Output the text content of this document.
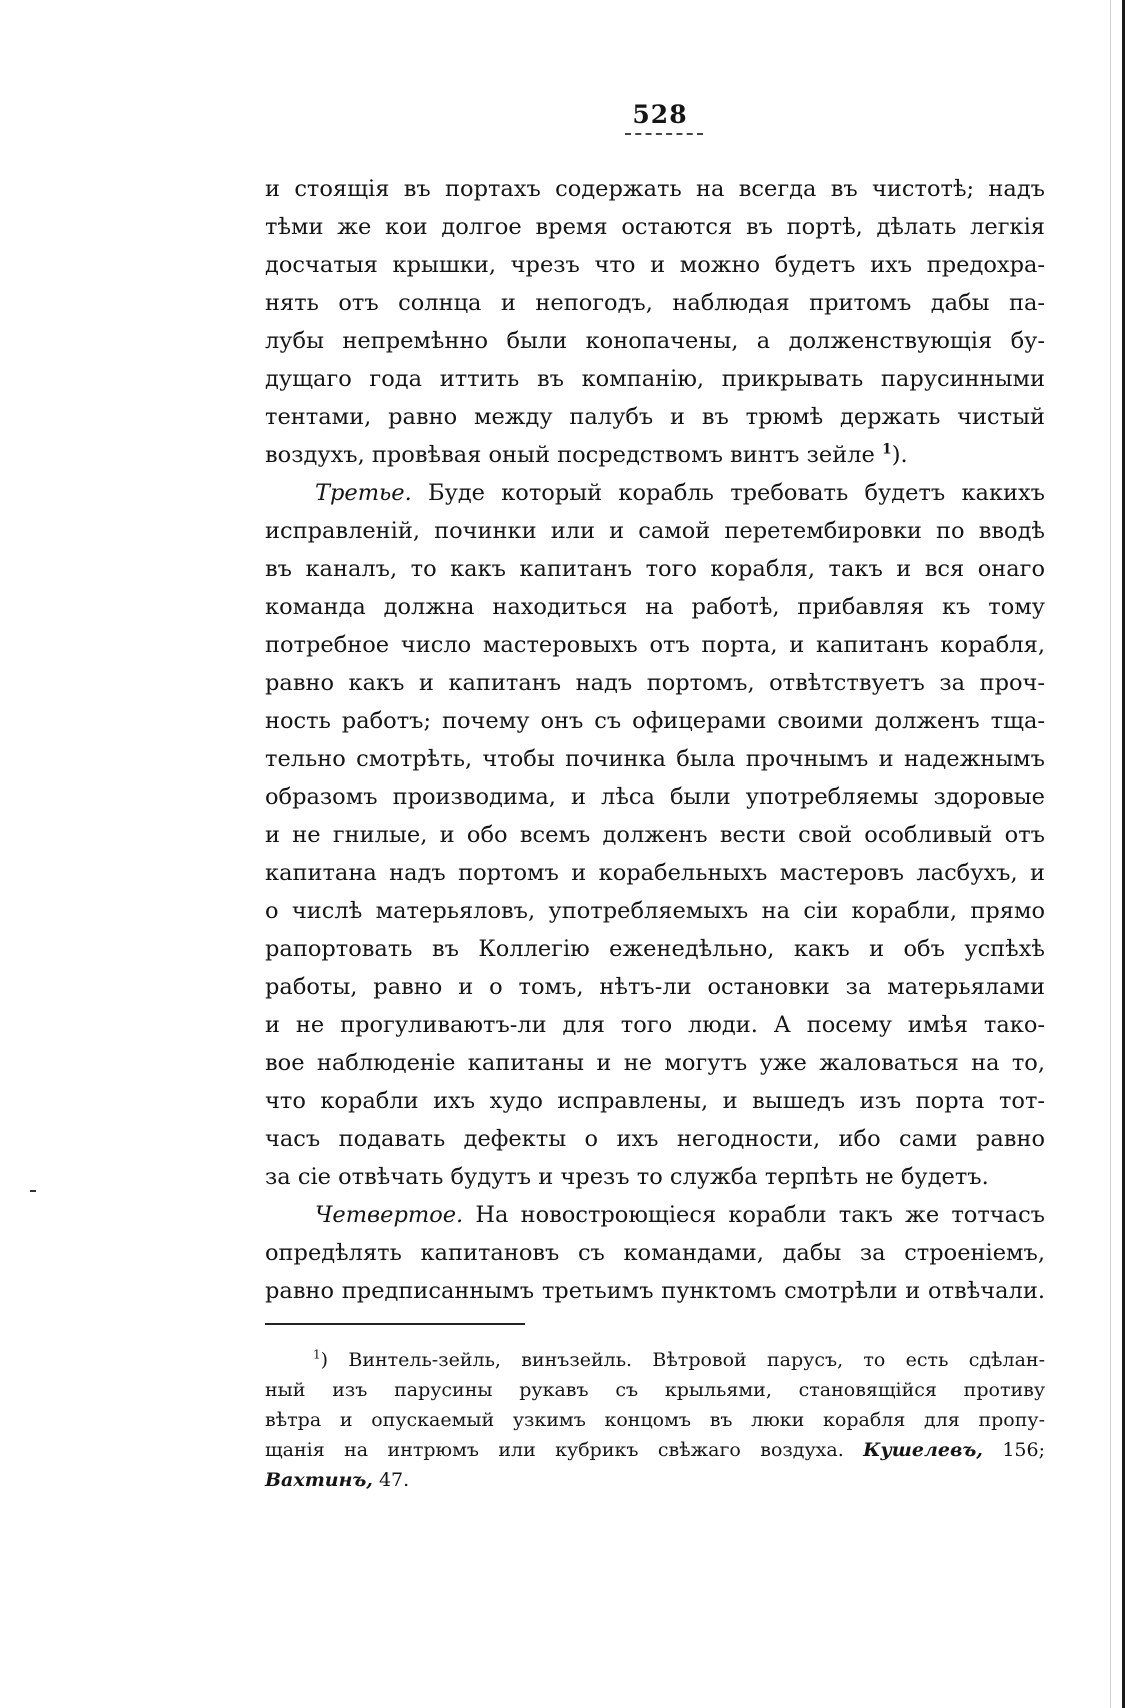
528
и стоящія въ портахъ содержать на всегда въ чистотѣ; надъ
тѣми же кои долгое время остаются въ портѣ, дѣлать легкія
досчатыя крышки, чрезъ что и можно будетъ ихъ предохра-
нять отъ солнца и непогодъ, наблюдая притомъ дабы па-
лубы непремѣнно были конопачены, а долженствующія бу-
дущаго года иттить въ компанію, прикрывать парусинными
тентами, равно между палубъ и въ трюмѣ держать чистый
воздухъ, провѣвая оный посредствомъ винтъ зейле $^1$).
Третье. Буде который корабль требовать будетъ какихъ
исправленій, починки или и самой перетембировки по вводѣ
въ каналъ, то какъ капитанъ того корабля, такъ и вся онаго
команда должна находиться на работѣ, прибавляя къ тому
потребное число мастеровыхъ отъ порта, и капитанъ корабля,
равно какъ и капитанъ надъ портомъ, отвѣтствуетъ за проч-
ность работъ; почему онъ съ офицерами своими долженъ тща-
тельно смотрѣть, чтобы починка была прочнымъ и надежнымъ
образомъ производима, и лѣса были употребляемы здоровые
и не гнилые, и обо всемъ долженъ вести свой особливый отъ
капитана надъ портомъ и корабельныхъ мастеровъ ласбухъ, и
о числѣ матерьяловъ, употребляемыхъ на сіи корабли, прямо
рапортовать въ Коллегію еженедѣльно, какъ и объ успѣхѣ
работы, равно и о томъ, нѣтъ-ли остановки за матерьялами
и не прогуливаютъ-ли для того люди. А посему имѣя тако-
вое наблюденіе капитаны и не могутъ уже жаловаться на то,
что корабли ихъ худо исправлены, и вышедъ изъ порта тот-
часъ подавать дефекты о ихъ негодности, ибо сами равно
за сіе отвѣчать будутъ и чрезъ то служба терпѣть не будетъ.
Четвертое. На новостроющіеся корабли такъ же тотчасъ
опредѣлять капитановъ съ командами, дабы за строеніемъ,
равно предписаннымъ третьимъ пунктомъ смотрѣли и отвѣчали.
$^1$) Винтель-зейль, винъзейль. Вѣтровой парусъ, то есть сдѣлан-
ный изъ парусины рукавъ съ крыльями, становящійся противу
вѣтра и опускаемый узкимъ концомъ въ люки корабля для пропу-
щанія на интрюмъ или кубрикъ свѣжаго воздуха. Кушелевъ, 156;
Вахтинъ, 47.
